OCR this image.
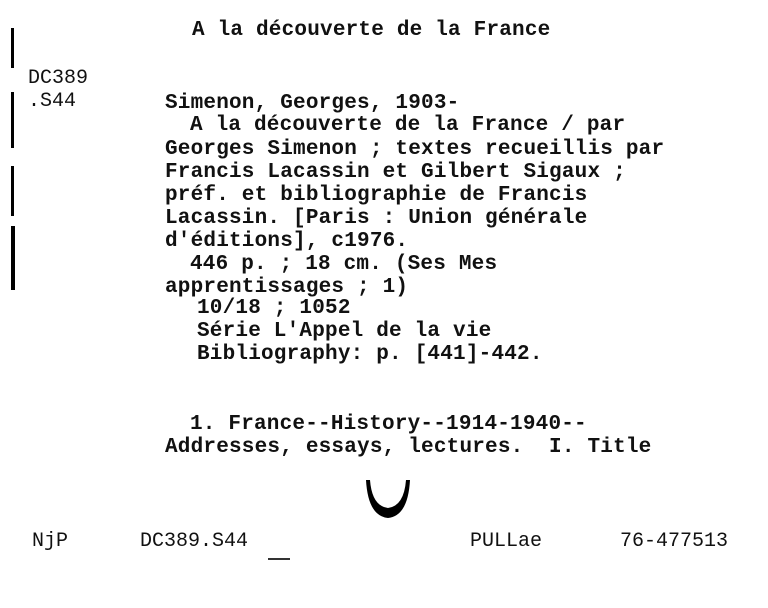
A la découverte de la France
DC389
.S44	Simenon, Georges, 1903-
A la découverte de la France / par
Georges Simenon ; textes recueillis par
Francis Lacassin et Gilbert Sigaux ;
préf. et bibliographie de Francis
Lacassin. [Paris : Union générale
d'éditions], c1976.
446 p. ; 18 cm. (Ses Mes
apprentissages ; 1)
10/18 ; 1052
Série L'Appel de la vie
Bibliography: p. [441]-442.
1. France--History--1914-1940--
Addresses, essays, lectures.  I. Title
NjP	DC389.S44	PULLae	76-477513
